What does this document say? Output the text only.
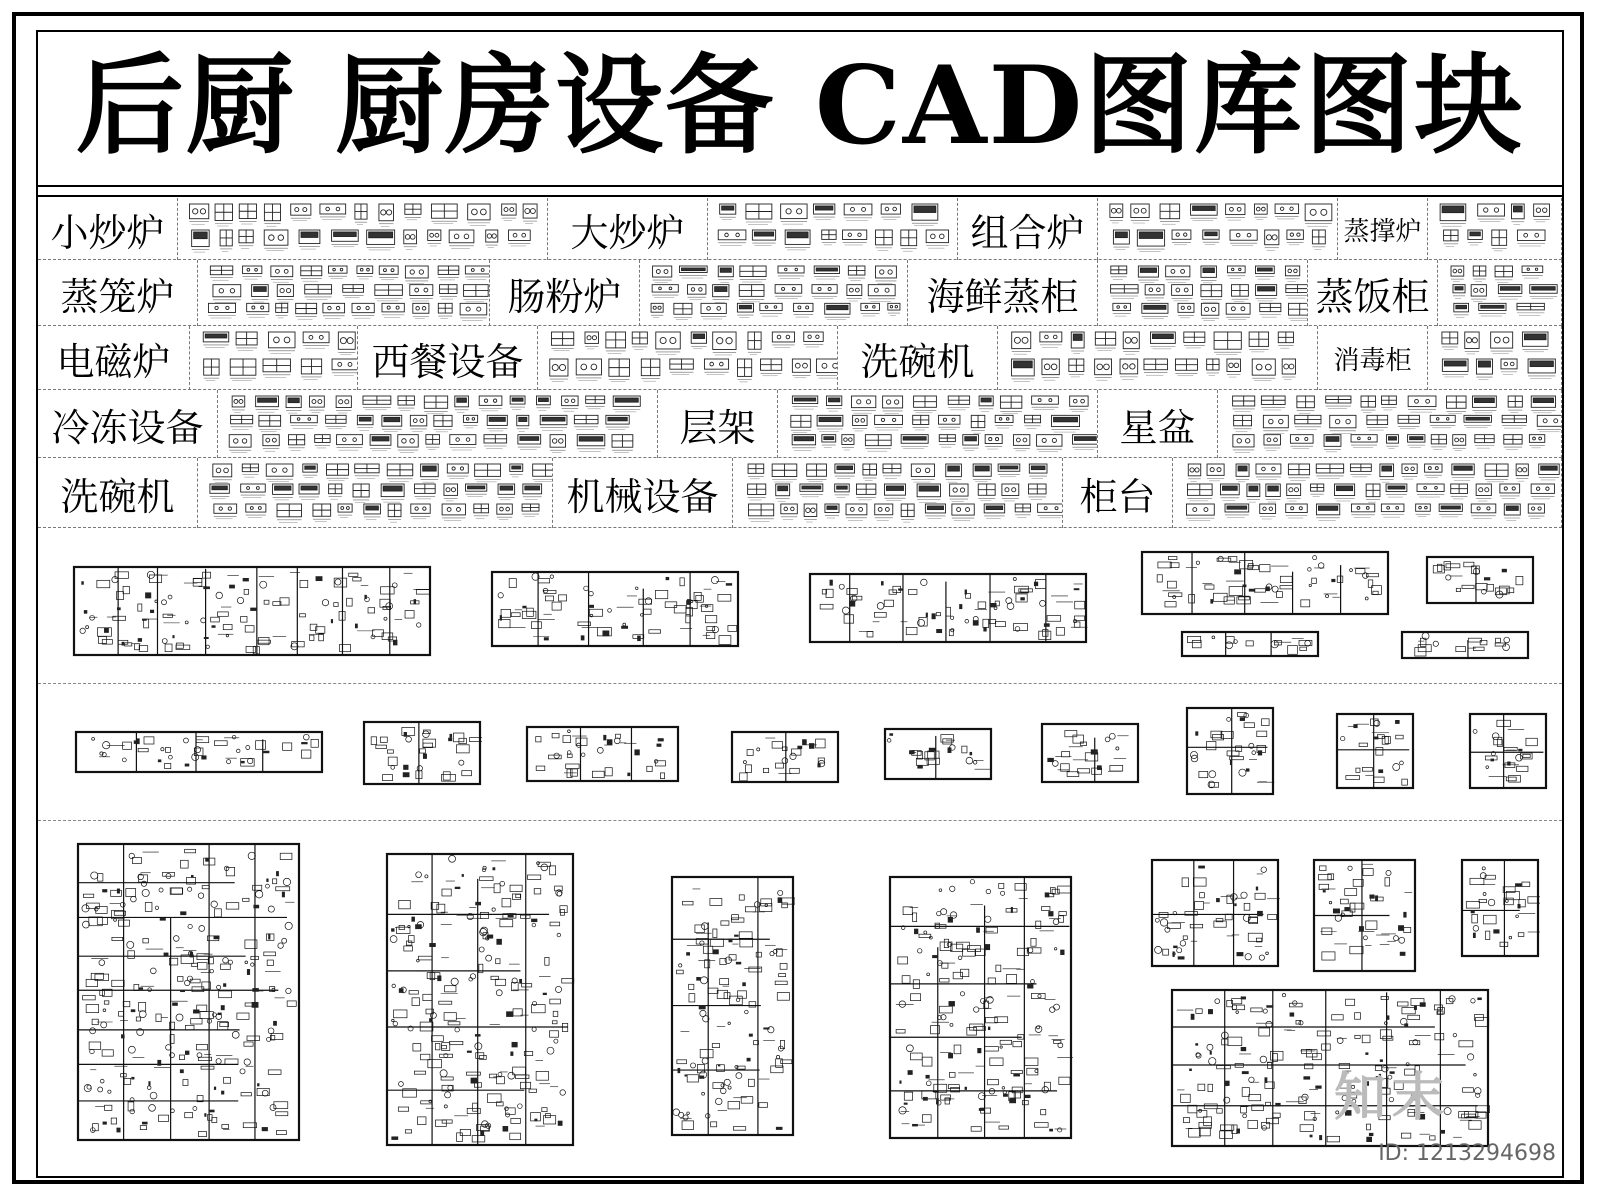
后厨 厨房设备 CAD图库图块
小炒炉	大炒炉	组合炉	蒸撑炉
蒸笼炉	肠粉炉	海鲜蒸柜	蒸饭柜
电磁炉	西餐设备	洗碗机	消毒柜
冷冻设备	层架	星盆
洗碗机	机械设备	柜台
知末
ID: 1213294698
